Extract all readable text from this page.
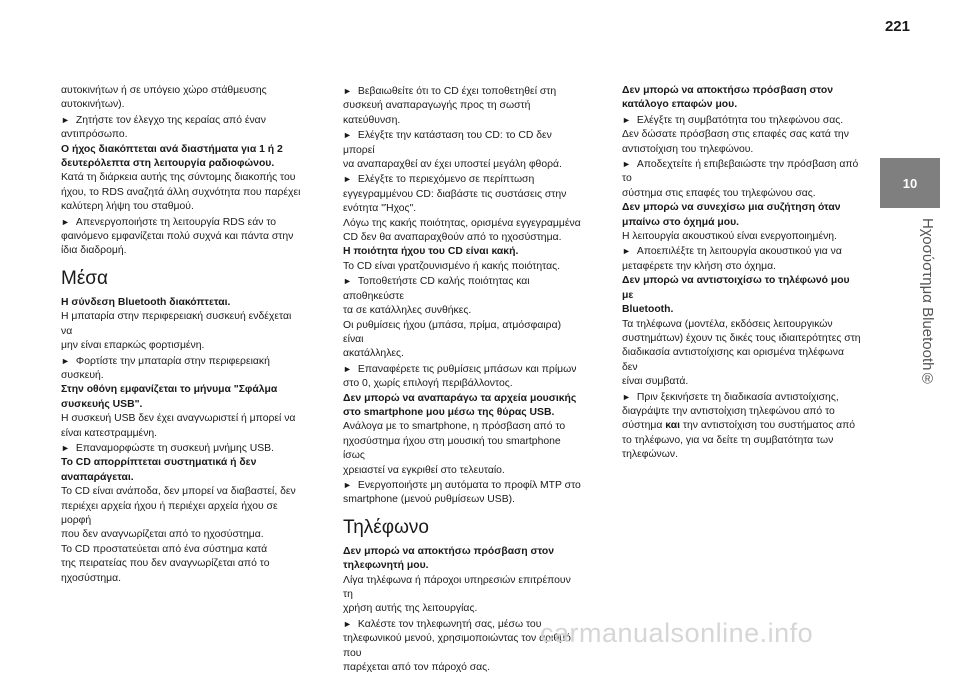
221
10
Ηχοσύστημα Bluetooth®

αυτοκινήτων ή σε υπόγειο χώρο στάθμευσης

αυτοκινήτων).

► Ζητήστε τον έλεγχο της κεραίας από έναν

αντιπρόσωπο.

Ο ήχος διακόπτεται ανά διαστήματα για 1 ή 2

δευτερόλεπτα στη λειτουργία ραδιοφώνου.

Κατά τη διάρκεια αυτής της σύντομης διακοπής του

ήχου, το RDS αναζητά άλλη συχνότητα που παρέχει

καλύτερη λήψη του σταθμού.

► Απενεργοποιήστε τη λειτουργία RDS εάν το

φαινόμενο εμφανίζεται πολύ συχνά και πάντα στην

ίδια διαδρομή.

Μέσα

Η σύνδεση Bluetooth διακόπτεται.

Η μπαταρία στην περιφερειακή συσκευή ενδέχεται να

μην είναι επαρκώς φορτισμένη.

► Φορτίστε την μπαταρία στην περιφερειακή

συσκευή.

Στην οθόνη εμφανίζεται το μήνυμα "Σφάλμα

συσκευής USB".

Η συσκευή USB δεν έχει αναγνωριστεί ή μπορεί να

είναι κατεστραμμένη.

► Επαναμορφώστε τη συσκευή μνήμης USB.

Το CD απορρίπτεται συστηματικά ή δεν

αναπαράγεται.

Το CD είναι ανάποδα, δεν μπορεί να διαβαστεί, δεν

περιέχει αρχεία ήχου ή περιέχει αρχεία ήχου σε μορφή

που δεν αναγνωρίζεται από το ηχοσύστημα.

Το CD προστατεύεται από ένα σύστημα κατά

της πειρατείας που δεν αναγνωρίζεται από το

ηχοσύστημα.

► Βεβαιωθείτε ότι το CD έχει τοποθετηθεί στη

συσκευή αναπαραγωγής προς τη σωστή κατεύθυνση.

► Ελέγξτε την κατάσταση του CD: το CD δεν μπορεί

να αναπαραχθεί αν έχει υποστεί μεγάλη φθορά.

► Ελέγξτε το περιεχόμενο σε περίπτωση

εγγεγραμμένου CD: διαβάστε τις συστάσεις στην

ενότητα "Ήχος".

Λόγω της κακής ποιότητας, ορισμένα εγγεγραμμένα

CD δεν θα αναπαραχθούν από το ηχοσύστημα.

Η ποιότητα ήχου του CD είναι κακή.

Το CD είναι γρατζουνισμένο ή κακής ποιότητας.

► Τοποθετήστε CD καλής ποιότητας και αποθηκεύστε

τα σε κατάλληλες συνθήκες.

Οι ρυθμίσεις ήχου (μπάσα, πρίμα, ατμόσφαιρα) είναι

ακατάλληλες.

► Επαναφέρετε τις ρυθμίσεις μπάσων και πρίμων

στο 0, χωρίς επιλογή περιβάλλοντος.

Δεν μπορώ να αναπαράγω τα αρχεία μουσικής

στο smartphone μου μέσω της θύρας USB.

Ανάλογα με το smartphone, η πρόσβαση από το

ηχοσύστημα ήχου στη μουσική του smartphone ίσως

χρειαστεί να εγκριθεί στο τελευταίο.

► Ενεργοποιήστε μη αυτόματα το προφίλ MTP στο

smartphone (μενού ρυθμίσεων USB).

Τηλέφωνο

Δεν μπορώ να αποκτήσω πρόσβαση στον

τηλεφωνητή μου.

Λίγα τηλέφωνα ή πάροχοι υπηρεσιών επιτρέπουν τη

χρήση αυτής της λειτουργίας.

► Καλέστε τον τηλεφωνητή σας, μέσω του

τηλεφωνικού μενού, χρησιμοποιώντας τον αριθμό που

παρέχεται από τον πάροχό σας.

Δεν μπορώ να αποκτήσω πρόσβαση στον

κατάλογο επαφών μου.

► Ελέγξτε τη συμβατότητα του τηλεφώνου σας.

Δεν δώσατε πρόσβαση στις επαφές σας κατά την

αντιστοίχιση του τηλεφώνου.

► Αποδεχτείτε ή επιβεβαιώστε την πρόσβαση από το

σύστημα στις επαφές του τηλεφώνου σας.

Δεν μπορώ να συνεχίσω μια συζήτηση όταν

μπαίνω στο όχημά μου.

Η λειτουργία ακουστικού είναι ενεργοποιημένη.

► Αποεπιλέξτε τη λειτουργία ακουστικού για να

μεταφέρετε την κλήση στο όχημα.

Δεν μπορώ να αντιστοιχίσω το τηλέφωνό μου με

Bluetooth.

Τα τηλέφωνα (μοντέλα, εκδόσεις λειτουργικών

συστημάτων) έχουν τις δικές τους ιδιαιτερότητες στη

διαδικασία αντιστοίχισης και ορισμένα τηλέφωνα δεν

είναι συμβατά.

► Πριν ξεκινήσετε τη διαδικασία αντιστοίχισης,

διαγράψτε την αντιστοίχιση τηλεφώνου από το

σύστημα και την αντιστοίχιση του συστήματος από

το τηλέφωνο, για να δείτε τη συμβατότητα των

τηλεφώνων.

carmanualsonline.info
